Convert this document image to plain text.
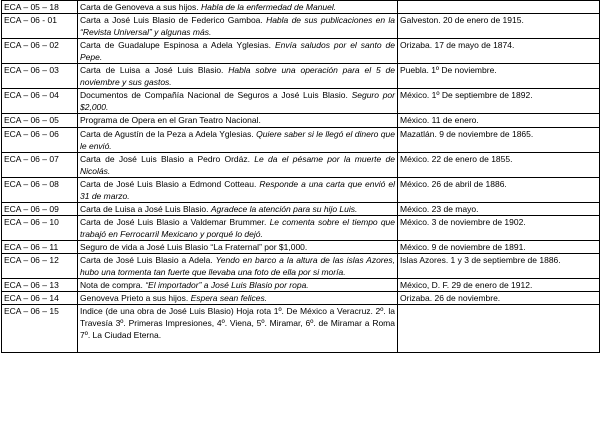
ECA – 05 – 18	Carta de Genoveva a sus hijos. Habla de la enfermedad de Manuel.	
ECA – 06 - 01	Carta a José Luis Blasio de Federico Gamboa. Habla de sus publicaciones en la “Revista Universal” y algunas más.	Galveston. 20 de enero de 1915.
ECA – 06 – 02	Carta de Guadalupe Espinosa a Adela Yglesias. Envía saludos por el santo de Pepe.	Orizaba. 17 de mayo de 1874.
ECA – 06 – 03	Carta de Luisa a José Luis Blasio. Habla sobre una operación para el 5 de noviembre y sus gastos.	Puebla. 1º De noviembre.
ECA – 06 – 04	Documentos de Compañía Nacional de Seguros a José Luis Blasio. Seguro por $2,000.	México. 1º De septiembre de 1892.
ECA – 06 – 05	Programa de Opera en el Gran Teatro Nacional.	México. 11 de enero.
ECA – 06 – 06	Carta de Agustín de la Peza a Adela Yglesias. Quiere saber si le llegó el dinero que le envió.	Mazatlán. 9 de noviembre de 1865.
ECA – 06 – 07	Carta de José Luis Blasio a Pedro Ordáz. Le da el pésame por la muerte de Nicolás.	México. 22 de enero de 1855.
ECA – 06 – 08	Carta de José Luis Blasio a Edmond Cotteau. Responde a una carta que envió el 31 de marzo.	México. 26 de abril de 1886.
ECA – 06 – 09	Carta de Luisa a José Luis Blasio. Agradece la atención para su hijo Luis.	México. 23 de mayo.
ECA – 06 – 10	Carta de José Luis Blasio a Valdemar Brummer. Le comenta sobre el tiempo que trabajó en Ferrocarril Mexicano y porqué lo dejó.	México. 3 de noviembre de 1902.
ECA – 06 – 11	Seguro de vida a José Luis Blasio “La Fraternal” por $1,000.	México. 9 de noviembre de 1891.
ECA – 06 – 12	Carta de José Luis Blasio a Adela. Yendo en barco a la altura de las islas Azores, hubo una tormenta tan fuerte que llevaba una foto de ella por si moría.	Islas Azores. 1 y 3 de septiembre de 1886.
ECA – 06 – 13	Nota de compra. “El importador” a José Luis Blasio por ropa.	México, D. F. 29 de enero de 1912.
ECA – 06 – 14	Genoveva Prieto a sus hijos. Espera sean felices.	Orizaba. 26 de noviembre.
ECA – 06 – 15	Indice (de una obra de José Luis Blasio) Hoja rota 1º. De México a Veracruz. 2º. la Travesía 3º. Primeras Impresiones, 4º. Viena, 5º. Miramar, 6º. de Miramar a Roma 7º. La Ciudad Eterna.	
